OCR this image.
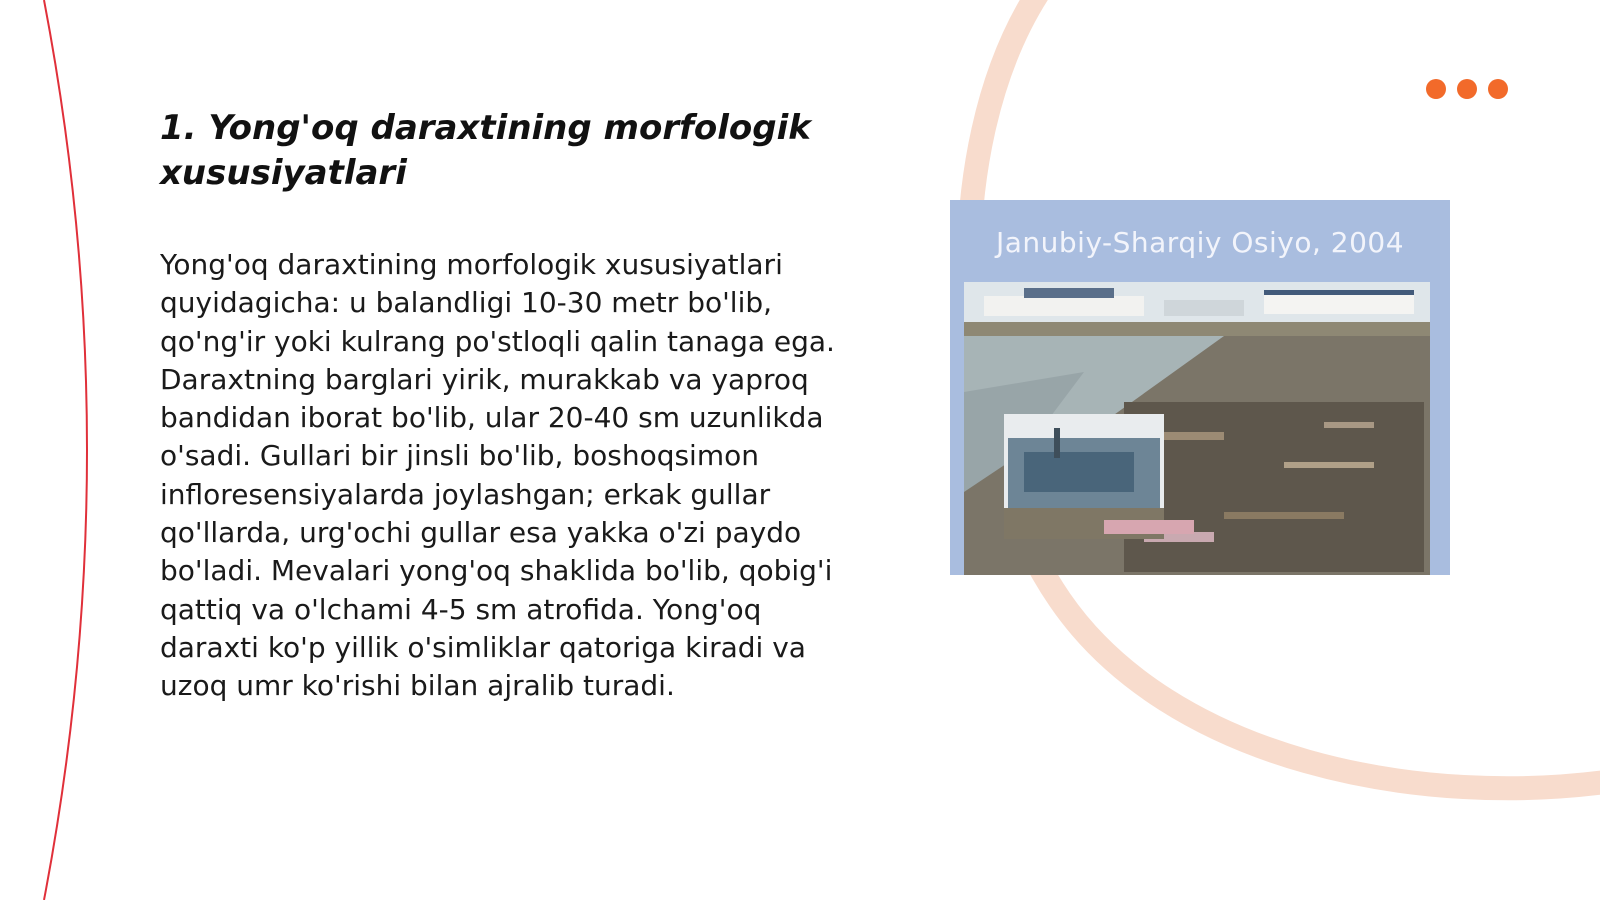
1. Yong'oq daraxtining morfologik xususiyatlari

Yong'oq daraxtining morfologik xususiyatlari quyidagicha: u balandligi 10-30 metr bo'lib, qo'ng'ir yoki kulrang po'stloqli qalin tanaga ega. Daraxtning barglari yirik, murakkab va yaproq bandidan iborat bo'lib, ular 20-40 sm uzunlikda o'sadi. Gullari bir jinsli bo'lib, boshoqsimon infloresensiyalarda joylashgan; erkak gullar qo'llarda, urg'ochi gullar esa yakka o'zi paydo bo'ladi. Mevalari yong'oq shaklida bo'lib, qobig'i qattiq va o'lchami 4-5 sm atrofida. Yong'oq daraxti ko'p yillik o'simliklar qatoriga kiradi va uzoq umr ko'rishi bilan ajralib turadi.

Janubiy-Sharqiy Osiyo, 2004
